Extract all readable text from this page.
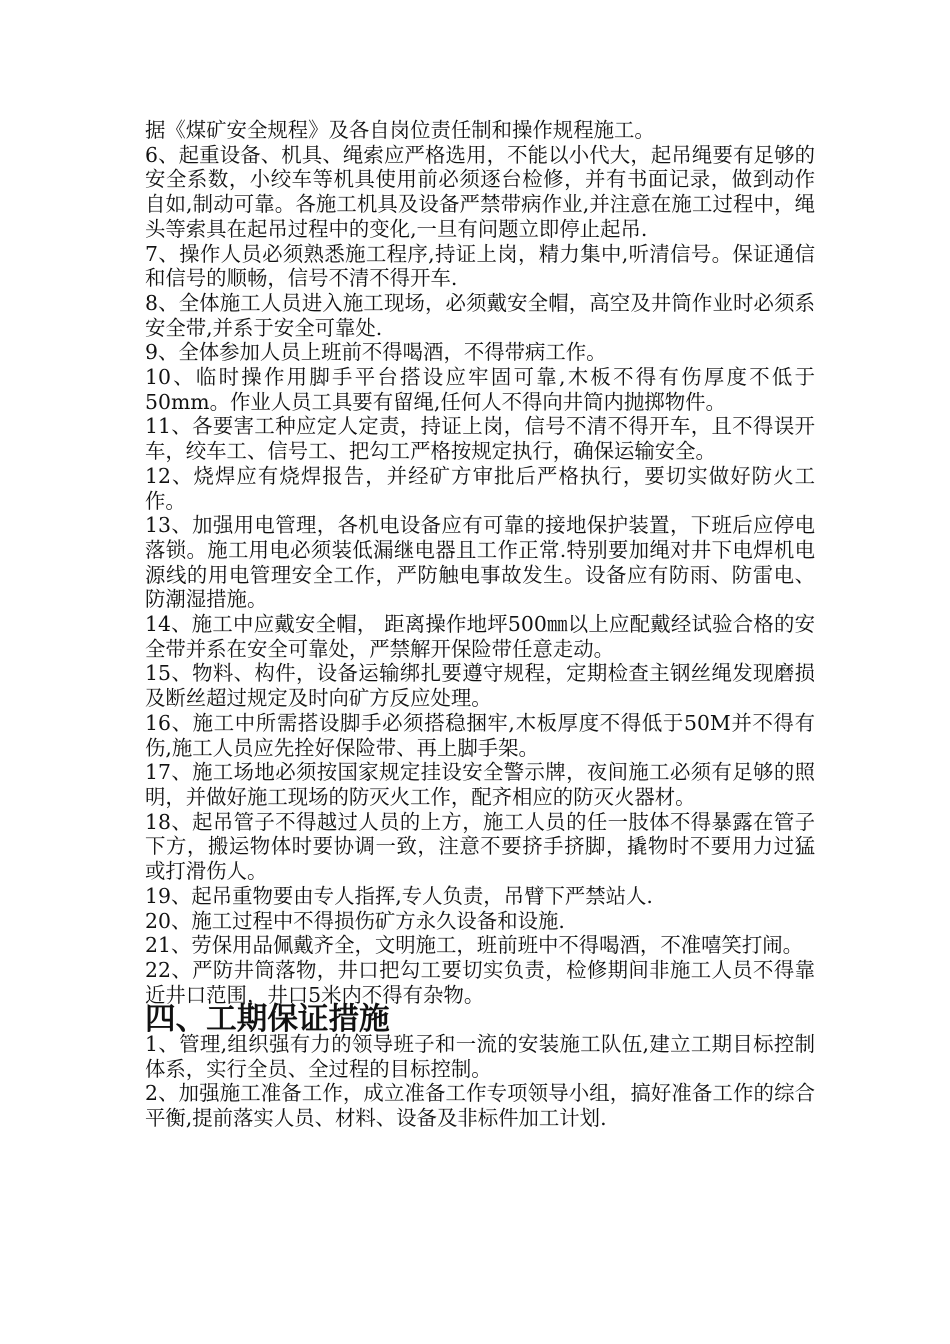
据《煤矿安全规程》及各自岗位责任制和操作规程施工。

6、起重设备、机具、绳索应严格选用，不能以小代大，起吊绳要有足够的安全系数，小绞车等机具使用前必须逐台检修，并有书面记录，做到动作自如,制动可靠。各施工机具及设备严禁带病作业,并注意在施工过程中，绳头等索具在起吊过程中的变化,一旦有问题立即停止起吊.

7、操作人员必须熟悉施工程序,持证上岗，精力集中,听清信号。保证通信和信号的顺畅，信号不清不得开车.

8、全体施工人员进入施工现场，必须戴安全帽，高空及井筒作业时必须系安全带,并系于安全可靠处.

9、全体参加人员上班前不得喝酒，不得带病工作。

10、临时操作用脚手平台搭设应牢固可靠,木板不得有伤厚度不低于50mm。作业人员工具要有留绳,任何人不得向井筒内抛掷物件。

11、各要害工种应定人定责，持证上岗，信号不清不得开车，且不得误开车，绞车工、信号工、把勾工严格按规定执行，确保运输安全。

12、烧焊应有烧焊报告，并经矿方审批后严格执行，要切实做好防火工作。

13、加强用电管理，各机电设备应有可靠的接地保护装置，下班后应停电落锁。施工用电必须装低漏继电器且工作正常.特别要加绳对井下电焊机电源线的用电管理安全工作，严防触电事故发生。设备应有防雨、防雷电、防潮湿措施。

14、施工中应戴安全帽， 距离操作地坪500㎜以上应配戴经试验合格的安全带并系在安全可靠处，严禁解开保险带任意走动。

15、物料、构件，设备运输绑扎要遵守规程，定期检查主钢丝绳发现磨损及断丝超过规定及时向矿方反应处理。

16、施工中所需搭设脚手必须搭稳捆牢,木板厚度不得低于50M并不得有伤,施工人员应先拴好保险带、再上脚手架。

17、施工场地必须按国家规定挂设安全警示牌，夜间施工必须有足够的照明，并做好施工现场的防灭火工作，配齐相应的防灭火器材。

18、起吊管子不得越过人员的上方，施工人员的任一肢体不得暴露在管子下方，搬运物体时要协调一致，注意不要挤手挤脚，撬物时不要用力过猛或打滑伤人。

19、起吊重物要由专人指挥,专人负责，吊臂下严禁站人.

20、施工过程中不得损伤矿方永久设备和设施.

21、劳保用品佩戴齐全，文明施工，班前班中不得喝酒，不准嘻笑打闹。

22、严防井筒落物，井口把勾工要切实负责，检修期间非施工人员不得靠近井口范围，井口5米内不得有杂物。

四、工期保证措施

1、管理,组织强有力的领导班子和一流的安装施工队伍,建立工期目标控制体系，实行全员、全过程的目标控制。

2、加强施工准备工作，成立准备工作专项领导小组，搞好准备工作的综合平衡,提前落实人员、材料、设备及非标件加工计划.
